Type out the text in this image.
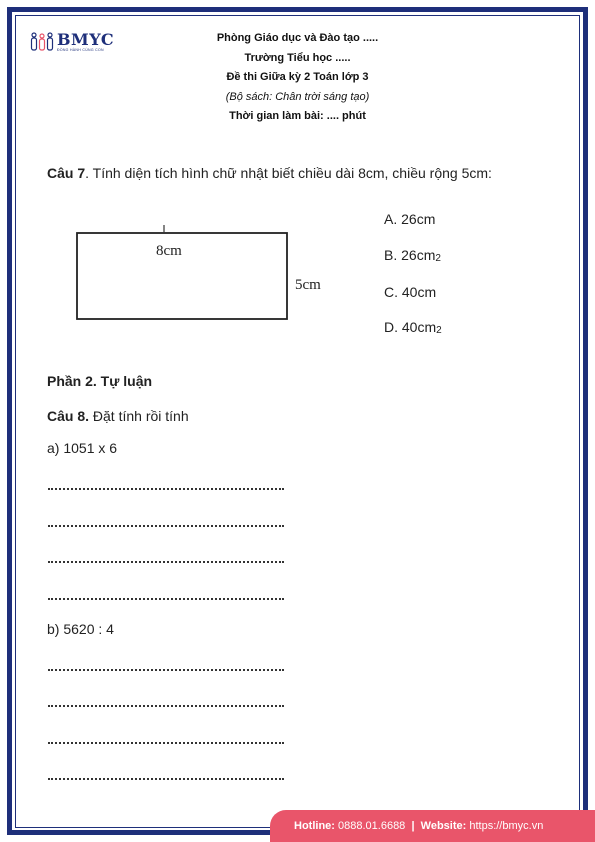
BMYC
ĐỒNG HÀNH CÙNG CON
Phòng Giáo dục và Đào tạo .....
Trường Tiểu học .....
Đề thi Giữa kỳ 2 Toán lớp 3
(Bộ sách: Chân trời sáng tạo)
Thời gian làm bài: .... phút
Câu 7. Tính diện tích hình chữ nhật biết chiều dài 8cm, chiều rộng 5cm:
8cm
5cm
A. 26cm
B. $26cm_2$
C. 40cm
D. $40cm_2$
Phần 2. Tự luận
Câu 8. Đặt tính rồi tính
a) 1051 x 6
b) 5620 : 4
Hotline: 0888.01.6688 | Website: https://bmyc.vn
